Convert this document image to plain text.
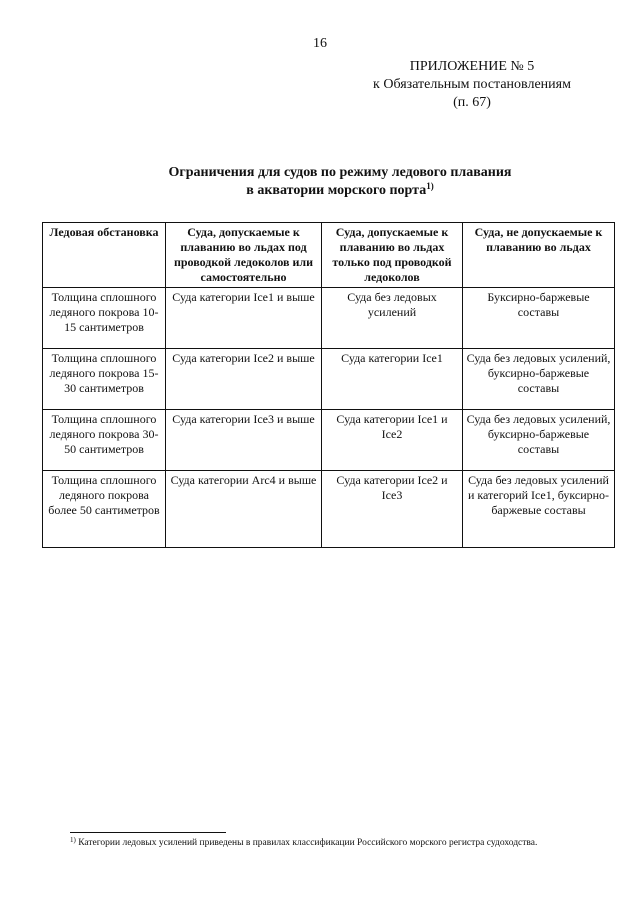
16
ПРИЛОЖЕНИЕ № 5
к Обязательным постановлениям
(п. 67)
Ограничения для судов по режиму ледового плавания
в акватории морского порта$^{1)}$
Ледовая обстановка	Суда, допускаемые к плаванию во льдах под проводкой ледоколов или самостоятельно	Суда, допускаемые к плаванию во льдах только под проводкой ледоколов	Суда, не допускаемые к плаванию во льдах
Толщина сплошного ледяного покрова 10-15 сантиметров	Суда категории Ice1 и выше	Суда без ледовых усилений	Буксирно-баржевые составы
Толщина сплошного ледяного покрова 15-30 сантиметров	Суда категории Ice2 и выше	Суда категории Ice1	Суда без ледовых усилений, буксирно-баржевые составы
Толщина сплошного ледяного покрова 30-50 сантиметров	Суда категории Ice3 и выше	Суда категории Ice1 и Ice2	Суда без ледовых усилений, буксирно-баржевые составы
Толщина сплошного ледяного покрова более 50 сантиметров	Суда категории Arc4 и выше	Суда категории Ice2 и Ice3	Суда без ледовых усилений и категорий Ice1, буксирно-баржевые составы
$^{1)}$ Категории ледовых усилений приведены в правилах классификации Российского морского регистра судоходства.
